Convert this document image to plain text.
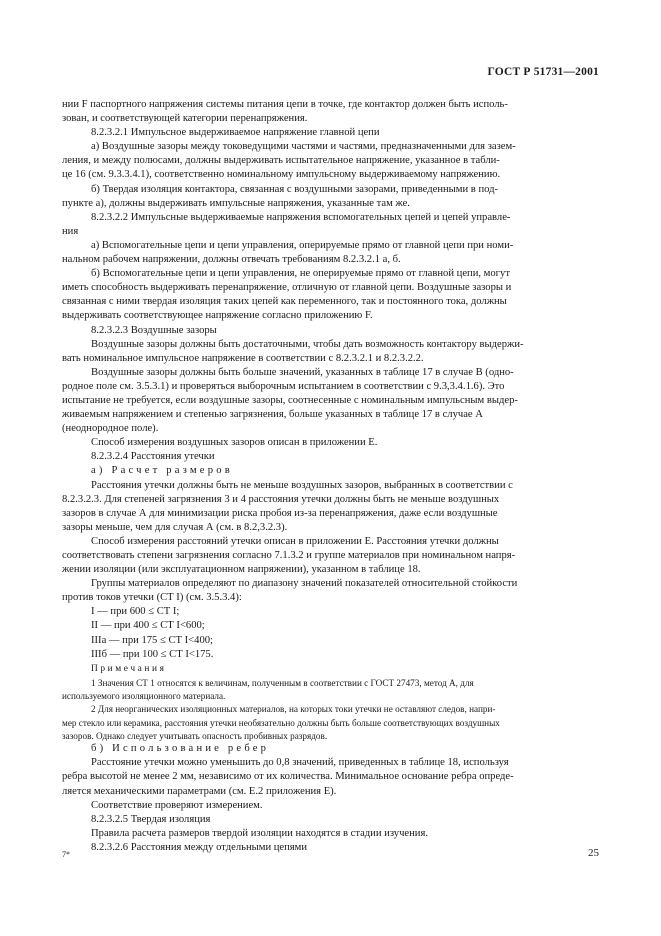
ГОСТ Р 51731—2001

нии F паспортного напряжения системы питания цепи в точке, где контактор должен быть исполь-

зован, и соответствующей категории перенапряжения.

8.2.3.2.1 Импульсное выдерживаемое напряжение главной цепи

а) Воздушные зазоры между токоведущими частями и частями, предназначенными для зазем-

ления, и между полюсами, должны выдерживать испытательное напряжение, указанное в табли-

це 16 (см. 9.3.3.4.1), соответственно номинальному импульсному выдерживаемому напряжению.

б) Твердая изоляция контактора, связанная с воздушными зазорами, приведенными в под-

пункте а), должны выдерживать импульсные напряжения, указанные там же.

8.2.3.2.2 Импульсные выдерживаемые напряжения вспомогательных цепей и цепей управле-

ния

а) Вспомогательные цепи и цепи управления, оперируемые прямо от главной цепи при номи-

нальном рабочем напряжении, должны отвечать требованиям 8.2.3.2.1 а, б.

б) Вспомогательные цепи и цепи управления, не оперируемые прямо от главной цепи, могут

иметь способность выдерживать перенапряжение, отличную от главной цепи. Воздушные зазоры и

связанная с ними твердая изоляция таких цепей как переменного, так и постоянного тока, должны

выдерживать соответствующее напряжение согласно приложению F.

8.2.3.2.3 Воздушные зазоры

Воздушные зазоры должны быть достаточными, чтобы дать возможность контактору выдержи-

вать номинальное импульсное напряжение в соответствии с 8.2.3.2.1 и 8.2.3.2.2.

Воздушные зазоры должны быть больше значений, указанных в таблице 17 в случае В (одно-

родное поле см. 3.5.3.1) и проверяться выборочным испытанием в соответствии с 9.3,3.4.1.6). Это

испытание не требуется, если воздушные зазоры, соотнесенные с номинальным импульсным выдер-

живаемым напряжением и степенью загрязнения, больше указанных в таблице 17 в случае А

(неоднородное поле).

Способ измерения воздушных зазоров описан в приложении Е.

8.2.3.2.4 Расстояния утечки

а) Расчет размеров

Расстояния утечки должны быть не меньше воздушных зазоров, выбранных в соответствии с

8.2.3.2.3. Для степеней загрязнения 3 и 4 расстояния утечки должны быть не меньше воздушных

зазоров в случае А для минимизации риска пробоя из-за перенапряжения, даже если воздушные

зазоры меньше, чем для случая А (см. в 8.2,3.2.3).

Способ измерения расстояний утечки описан в приложении Е. Расстояния утечки должны

соответствовать степени загрязнения согласно 7.1.3.2 и группе материалов при номинальном напря-

жении изоляции (или эксплуатационном напряжении), указанном в таблице 18.

Группы материалов определяют по диапазону значений показателей относительной стойкости

против токов утечки (СТ I) (см. 3.5.3.4):

I — при 600 ≤ СТ I;

II — при 400 ≤ СТ I<600;

IIIа — при 175 ≤ СТ I<400;

IIIб — при 100 ≤ СТ I<175.

Примечания

1 Значения СТ 1 относятся к величинам, полученным в соответствии с ГОСТ 27473, метод А, для

используемого изоляционного материала.

2 Для неорганических изоляционных материалов, на которых токи утечки не оставляют следов, напри-

мер стекло или керамика, расстояния утечки необязательно должны быть больше соответствующих воздушных

зазоров. Однако следует учитывать опасность пробивных разрядов.

б) Использование ребер

Расстояние утечки можно уменьшить до 0,8 значений, приведенных в таблице 18, используя

ребра высотой не менее 2 мм, независимо от их количества. Минимальное основание ребра опреде-

ляется механическими параметрами (см. Е.2 приложения Е).

Соответствие проверяют измерением.

8.2.3.2.5 Твердая изоляция

Правила расчета размеров твердой изоляции находятся в стадии изучения.

8.2.3.2.6 Расстояния между отдельными цепями

7*	25
